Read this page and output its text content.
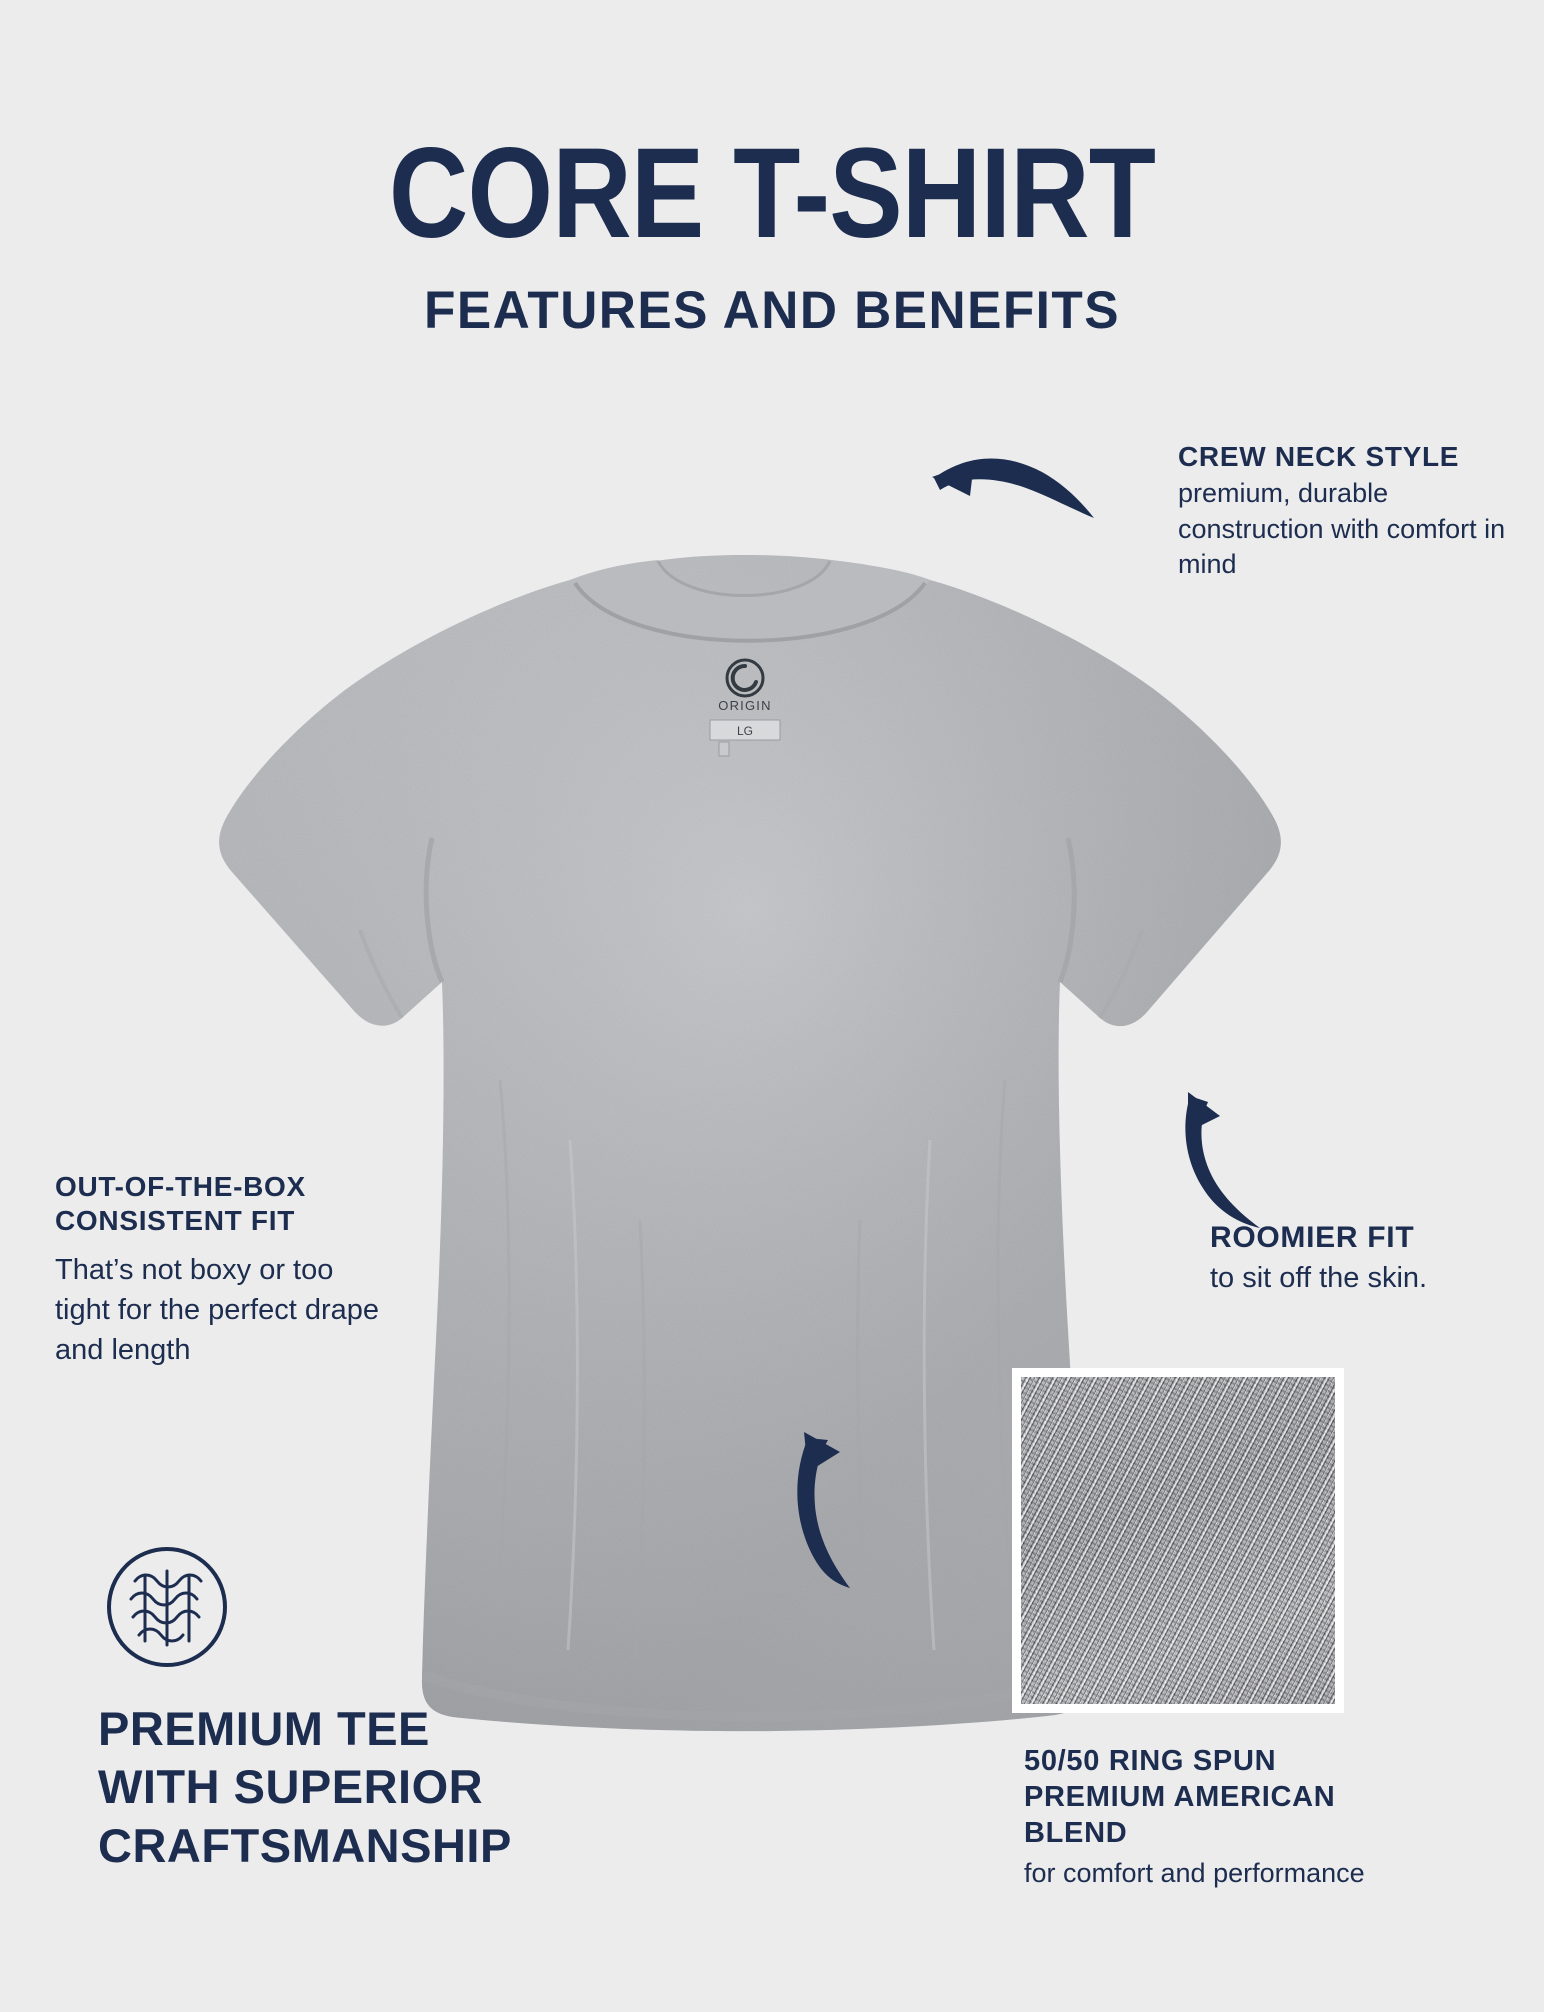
CORE T-SHIRT
FEATURES AND BENEFITS
ORIGIN
LG
CREW NECK STYLE
premium, durable construction with comfort in mind
OUT-OF-THE-BOX CONSISTENT FIT
That’s not boxy or too tight for the perfect drape and length
ROOMIER FIT
to sit off the skin.
50/50 RING SPUN PREMIUM AMERICAN BLEND
for comfort and performance
PREMIUM TEE
WITH SUPERIOR
CRAFTSMANSHIP
